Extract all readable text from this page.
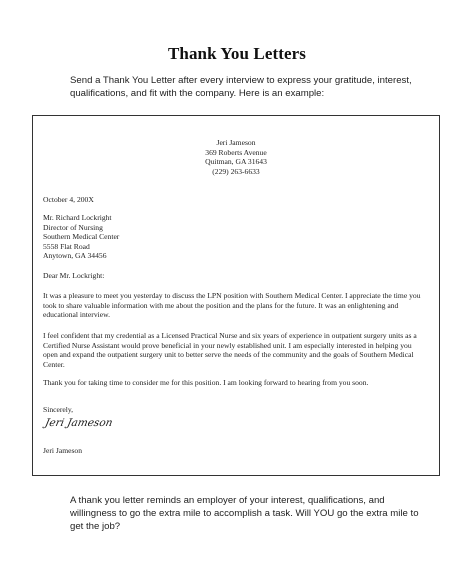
Thank You Letters

Send a Thank You Letter after every interview to express your gratitude, interest, qualifications, and fit with the company. Here is an example:

Jeri Jameson
369 Roberts Avenue
Quitman, GA 31643
(229) 263-6633
October 4, 200X
Mr. Richard Lockright
Director of Nursing
Southern Medical Center
5558 Flat Road
Anytown, GA 34456
Dear Mr. Lockright:

It was a pleasure to meet you yesterday to discuss the LPN position with Southern Medical Center. I appreciate the time you took to share valuable information with me about the position and the plans for the future. It was an enlightening and educational interview.

I feel confident that my credential as a Licensed Practical Nurse and six years of experience in outpatient surgery units as a Certified Nurse Assistant would prove beneficial in your newly established unit. I am especially interested in helping you open and expand the outpatient surgery unit to better serve the needs of the community and the goals of Southern Medical Center.

Thank you for taking time to consider me for this position. I am looking forward to hearing from you soon.

Sincerely,
Jeri Jameson
Jeri Jameson

A thank you letter reminds an employer of your interest, qualifications, and willingness to go the extra mile to accomplish a task. Will YOU go the extra mile to get the job?
